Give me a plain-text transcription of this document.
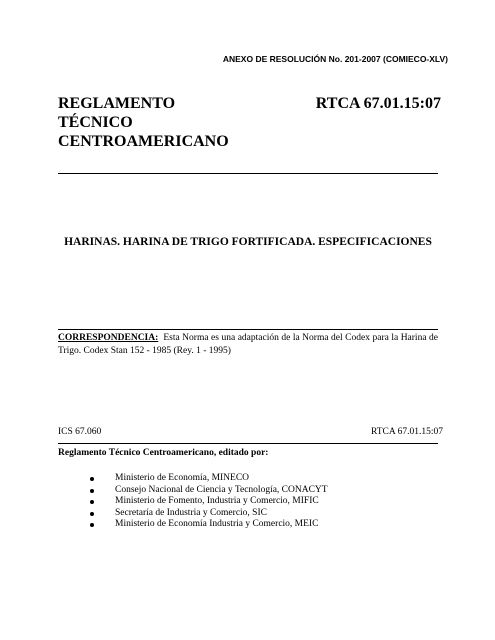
ANEXO DE RESOLUCIÓN No. 201-2007 (COMIECO-XLV)
REGLAMENTO
TÉCNICO
CENTROAMERICANO
RTCA 67.01.15:07
HARINAS. HARINA DE TRIGO FORTIFICADA. ESPECIFICACIONES
CORRESPONDENCIA: Esta Norma es una adaptación de la Norma del Codex para la Harina de Trigo. Codex Stan 152 - 1985 (Rey. 1 - 1995)
ICS 67.060	RTCA 67.01.15:07
Reglamento Técnico Centroamericano, editado por:
Ministerio de Economía, MINECO
Consejo Nacional de Ciencia y Tecnología, CONACYT
Ministerio de Fomento, Industria y Comercio, MIFIC
Secretaría de Industria y Comercio, SIC
Ministerio de Economía Industria y Comercio, MEIC
